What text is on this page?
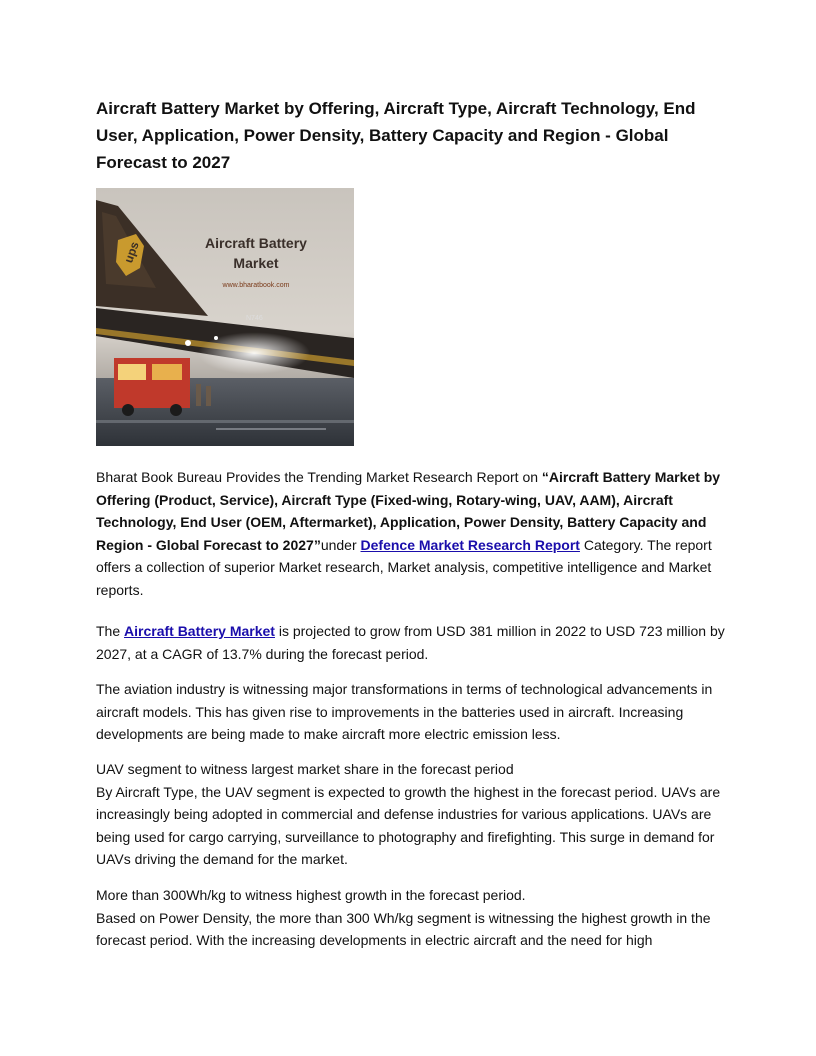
Aircraft Battery Market by Offering, Aircraft Type, Aircraft Technology, End User, Application, Power Density, Battery Capacity and Region - Global Forecast to 2027
ups	Aircraft Battery
Market
www.bharatbook.com

Bharat Book Bureau Provides the Trending Market Research Report on “Aircraft Battery Market by Offering (Product, Service), Aircraft Type (Fixed-wing, Rotary-wing, UAV, AAM), Aircraft Technology, End User (OEM, Aftermarket), Application, Power Density, Battery Capacity and Region - Global Forecast to 2027”under Defence Market Research Report Category. The report offers a collection of superior Market research, Market analysis, competitive intelligence and Market reports.

The Aircraft Battery Market is projected to grow from USD 381 million in 2022 to USD 723 million by 2027, at a CAGR of 13.7% during the forecast period.

The aviation industry is witnessing major transformations in terms of technological advancements in aircraft models. This has given rise to improvements in the batteries used in aircraft. Increasing developments are being made to make aircraft more electric emission less.

UAV segment to witness largest market share in the forecast period
By Aircraft Type, the UAV segment is expected to growth the highest in the forecast period. UAVs are increasingly being adopted in commercial and defense industries for various applications. UAVs are being used for cargo carrying, surveillance to photography and firefighting. This surge in demand for UAVs driving the demand for the market.

More than 300Wh/kg to witness highest growth in the forecast period.
Based on Power Density, the more than 300 Wh/kg segment is witnessing the highest growth in the forecast period. With the increasing developments in electric aircraft and the need for high
